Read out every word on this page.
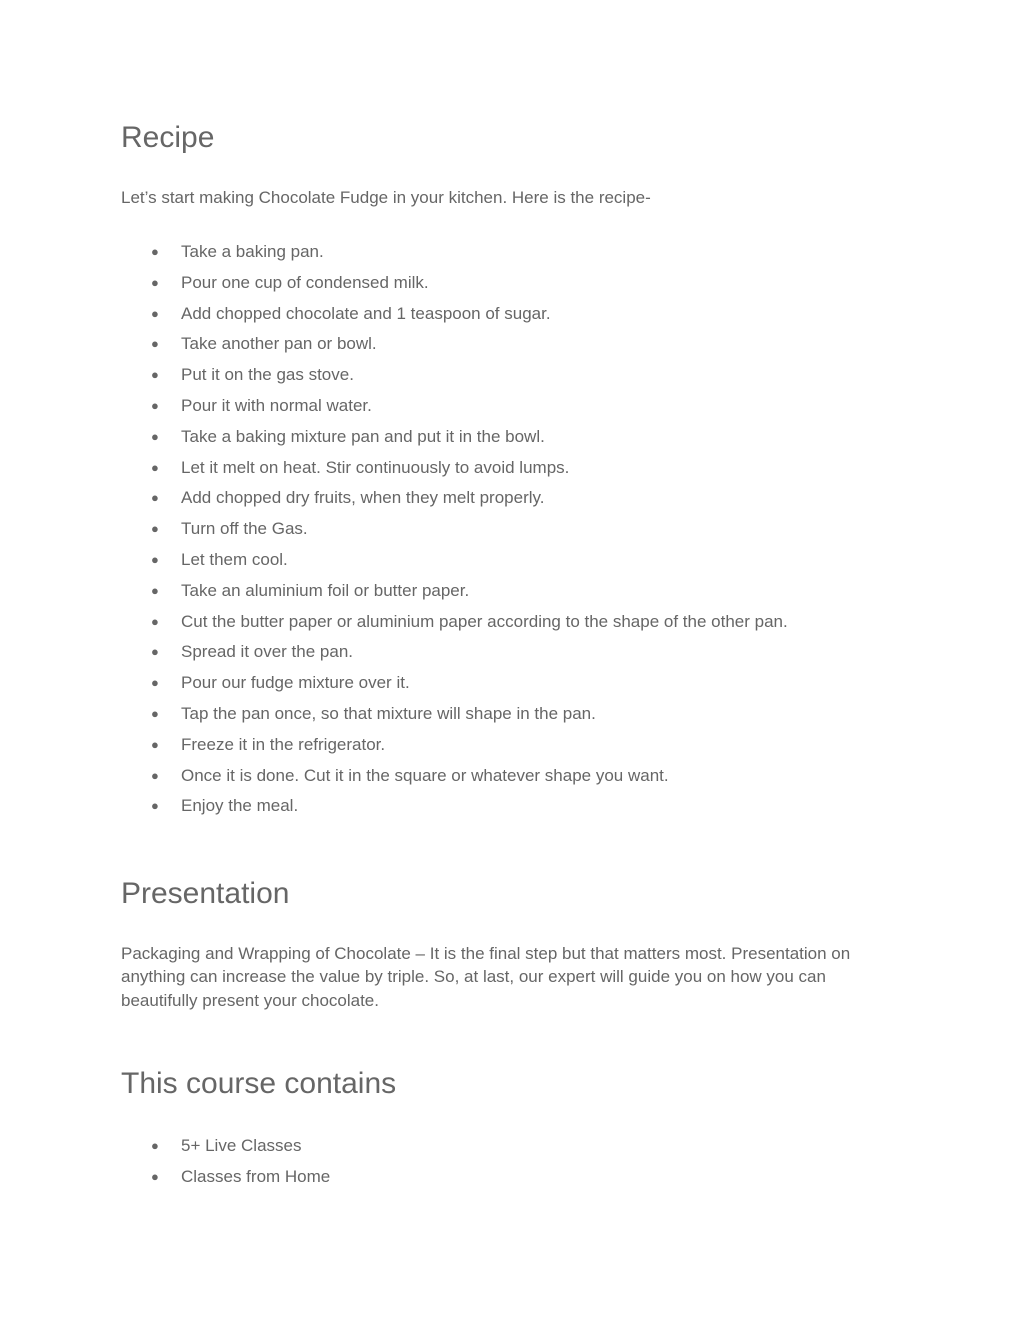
Recipe

Let’s start making Chocolate Fudge in your kitchen. Here is the recipe-

● Take a baking pan.
● Pour one cup of condensed milk.
● Add chopped chocolate and 1 teaspoon of sugar.
● Take another pan or bowl.
● Put it on the gas stove.
● Pour it with normal water.
● Take a baking mixture pan and put it in the bowl.
● Let it melt on heat. Stir continuously to avoid lumps.
● Add chopped dry fruits, when they melt properly.
● Turn off the Gas.
● Let them cool.
● Take an aluminium foil or butter paper.
● Cut the butter paper or aluminium paper according to the shape of the other pan.
● Spread it over the pan.
● Pour our fudge mixture over it.
● Tap the pan once, so that mixture will shape in the pan.
● Freeze it in the refrigerator.
● Once it is done. Cut it in the square or whatever shape you want.
● Enjoy the meal.
Presentation

Packaging and Wrapping of Chocolate – It is the final step but that matters most. Presentation on anything can increase the value by triple. So, at last, our expert will guide you on how you can beautifully present your chocolate.

This course contains
● 5+ Live Classes
● Classes from Home
